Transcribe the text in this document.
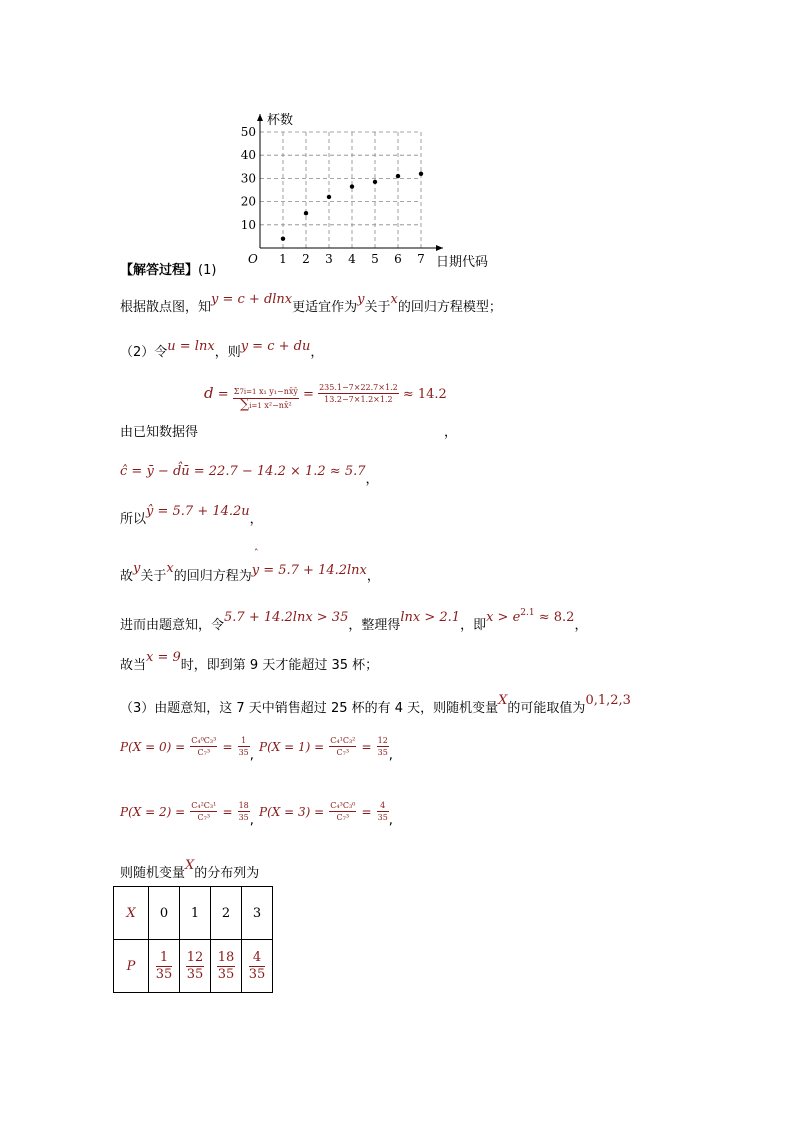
10
20
30
40
50
1 2 3 4 5 6 7
O
杯数
日期代码
【解答过程】(1)
根据散点图，知y = c + dlnx更适宜作为y关于x的回归方程模型；
（2）令u = lnx，则y = c + du，
d $^= \frac{\text{Σ7i=1 x₁ y₁−nx̄ȳ}}{\text{∑i=1 x²−nx̄²}} ^= \frac{235.1-7\times 22.7\times 1.2}{13.2-7\times 1.2\times 1.2} ^{\approx 14.2}$
由已知数据得	，
ĉ = ȳ − d̂ū = $22.7 - 14.2 \times 1.2 \approx 5.7_,$
所以ŷ = 5.7 + 14.2u，
故y关于x的回归方程为
ˆ
y = 5.7 + 14.2lnx，
进而由题意知，令5.7 + 14.2lnx > 35，整理得lnx > 2.1，即$x > e^{2.1} \approx 8.2$，
故当x = 9时，即到第 9 天才能超过 35 杯；
（3）由题意知，这 7 天中销售超过 25 杯的有 4 天，则随机变量X的可能取值为0,1,2,3
$P(X = 0) = \frac{\text{C₄⁰C₃³}}{\text{C₇³}} = \frac{1}{35} _,$ $P(X = 1) = \frac{\text{C₄¹C₃²}}{\text{C₇³}} = \frac{12}{35} _,$
$P(X = 2) = \frac{\text{C₄²C₃¹}}{\text{C₇³}} = \frac{18}{35} _,$ $P(X = 3) = \frac{\text{C₄³C₃⁰}}{\text{C₇³}} = \frac{4}{35} _,$
则随机变量X的分布列为
X	0	1	2	3
P	$\frac{1}{35}$	$\frac{12}{35}$	$\frac{18}{35}$	$\frac{4}{35}$
